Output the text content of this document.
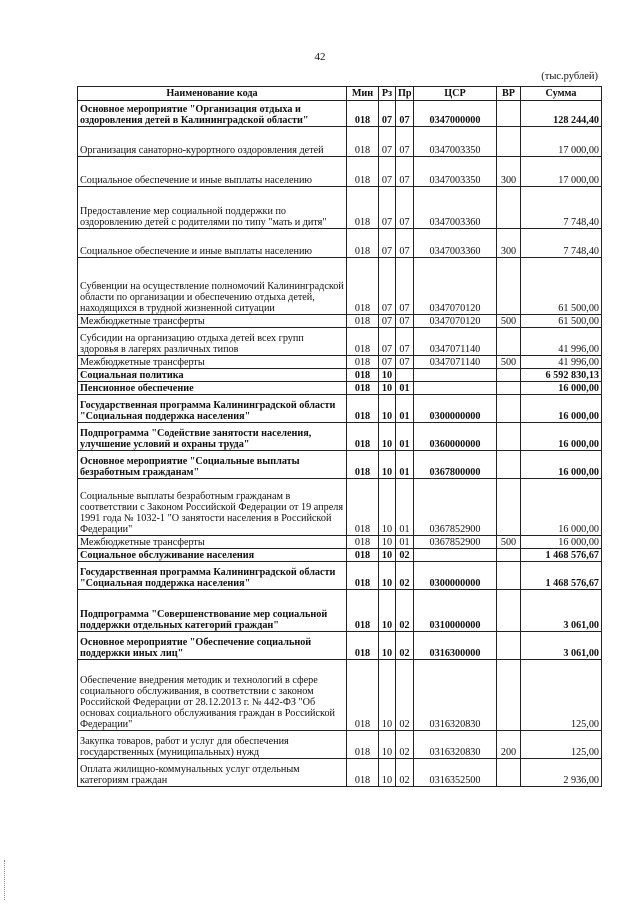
42
(тыс.рублей)
Наименование кода	Мин	Рз	Пр	ЦСР	ВР	Сумма
Основное мероприятие "Организация отдыха и оздоровления детей в Калининградской области"	018	07	07	0347000000		128 244,40
Организация санаторно-курортного оздоровления детей	018	07	07	0347003350		17 000,00
Социальное обеспечение и иные выплаты населению	018	07	07	0347003350	300	17 000,00
Предоставление мер социальной поддержки по оздоровлению детей с родителями по типу "мать и дитя"	018	07	07	0347003360		7 748,40
Социальное обеспечение и иные выплаты населению	018	07	07	0347003360	300	7 748,40
Субвенции на осуществление полномочий Калининградской области по организации и обеспечению отдыха детей, находящихся в трудной жизненной ситуации	018	07	07	0347070120		61 500,00
Межбюджетные трансферты	018	07	07	0347070120	500	61 500,00
Субсидии на организацию отдыха детей всех групп здоровья в лагерях различных типов	018	07	07	0347071140		41 996,00
Межбюджетные трансферты	018	07	07	0347071140	500	41 996,00
Социальная политика	018	10				6 592 830,13
Пенсионное обеспечение	018	10	01			16 000,00
Государственная программа Калининградской области "Социальная поддержка населения"	018	10	01	0300000000		16 000,00
Подпрограмма "Содействие занятости населения, улучшение условий и охраны труда"	018	10	01	0360000000		16 000,00
Основное мероприятие "Социальные выплаты безработным гражданам"	018	10	01	0367800000		16 000,00
Социальные выплаты безработным гражданам в соответствии с Законом Российской Федерации от 19 апреля 1991 года № 1032-1 "О занятости населения в Российской Федерации"	018	10	01	0367852900		16 000,00
Межбюджетные трансферты	018	10	01	0367852900	500	16 000,00
Социальное обслуживание населения	018	10	02			1 468 576,67
Государственная программа Калининградской области "Социальная поддержка населения"	018	10	02	0300000000		1 468 576,67
Подпрограмма "Совершенствование мер социальной поддержки отдельных категорий граждан"	018	10	02	0310000000		3 061,00
Основное мероприятие "Обеспечение социальной поддержки иных лиц"	018	10	02	0316300000		3 061,00
Обеспечение внедрения методик и технологий в сфере социального обслуживания, в соответствии с законом Российской Федерации от 28.12.2013 г. № 442-ФЗ "Об основах социального обслуживания граждан в Российской Федерации"	018	10	02	0316320830		125,00
Закупка товаров, работ и услуг для обеспечения государственных (муниципальных) нужд	018	10	02	0316320830	200	125,00
Оплата жилищно-коммунальных услуг отдельным категориям граждан	018	10	02	0316352500		2 936,00
